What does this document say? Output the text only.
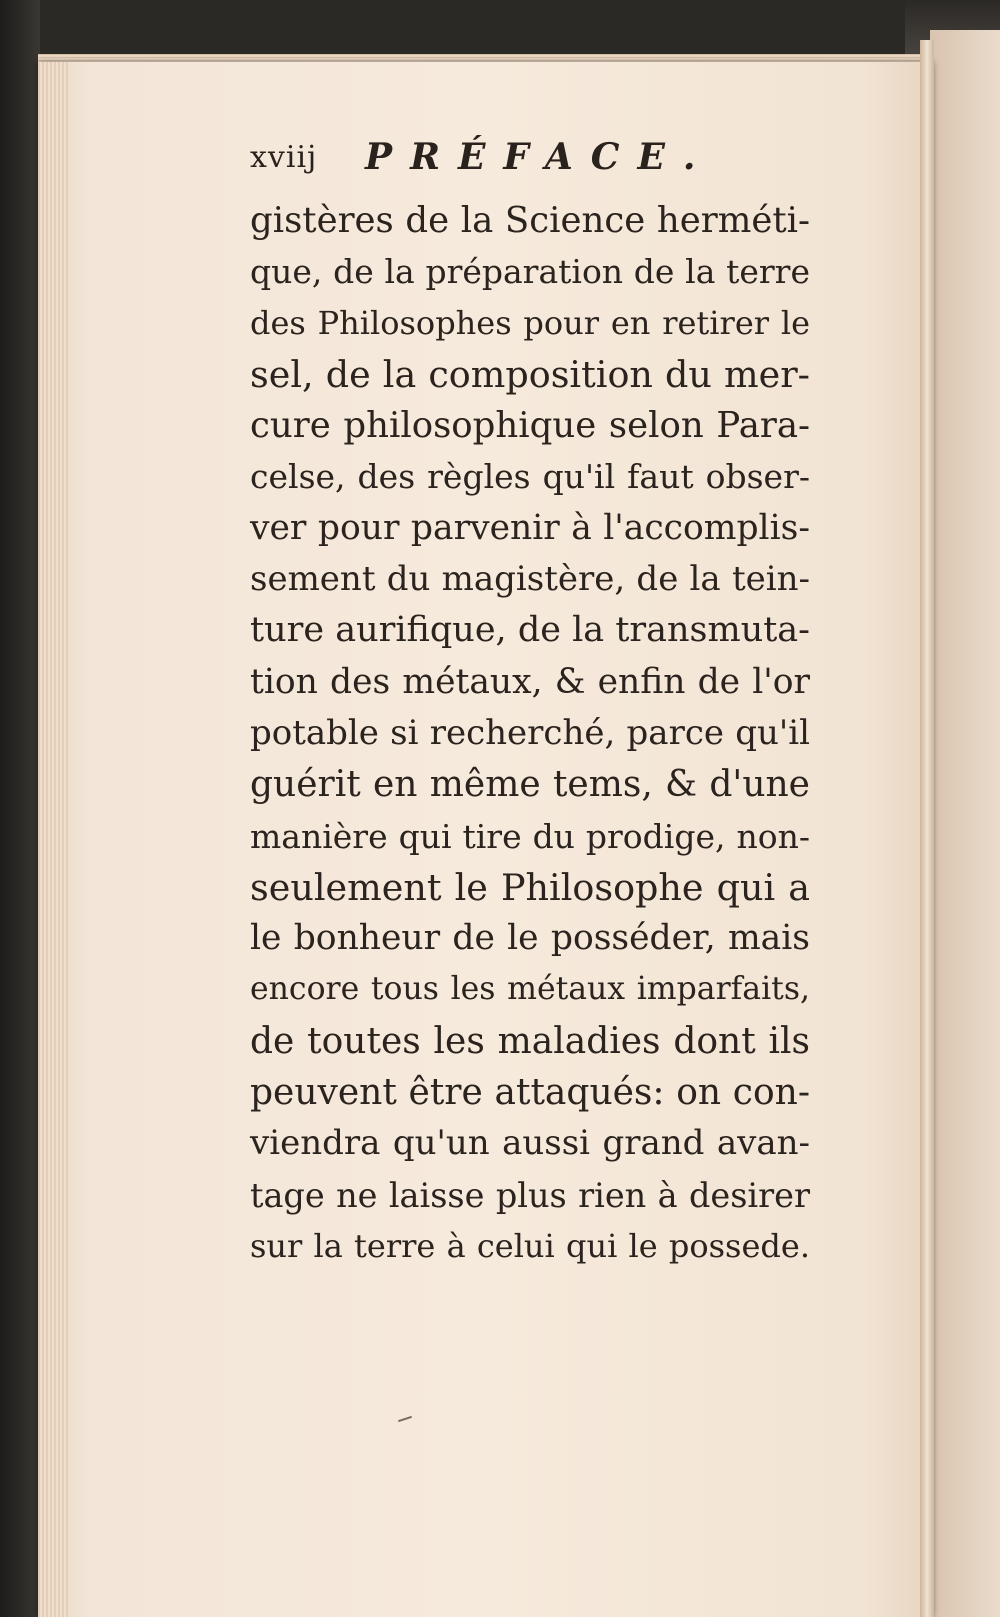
xviij PRÉFACE.
gistères de la Science herméti-
que, de la préparation de la terre
des Philosophes pour en retirer le
sel, de la composition du mer-
cure philosophique selon Para-
celse, des règles qu'il faut obser-
ver pour parvenir à l'accomplis-
sement du magistère, de la tein-
ture aurifique, de la transmuta-
tion des métaux, & enfin de l'or
potable si recherché, parce qu'il
guérit en même tems, & d'une
manière qui tire du prodige, non-
seulement le Philosophe qui a
le bonheur de le posséder, mais
encore tous les métaux imparfaits,
de toutes les maladies dont ils
peuvent être attaqués: on con-
viendra qu'un aussi grand avan-
tage ne laisse plus rien à desirer
sur la terre à celui qui le possede.
